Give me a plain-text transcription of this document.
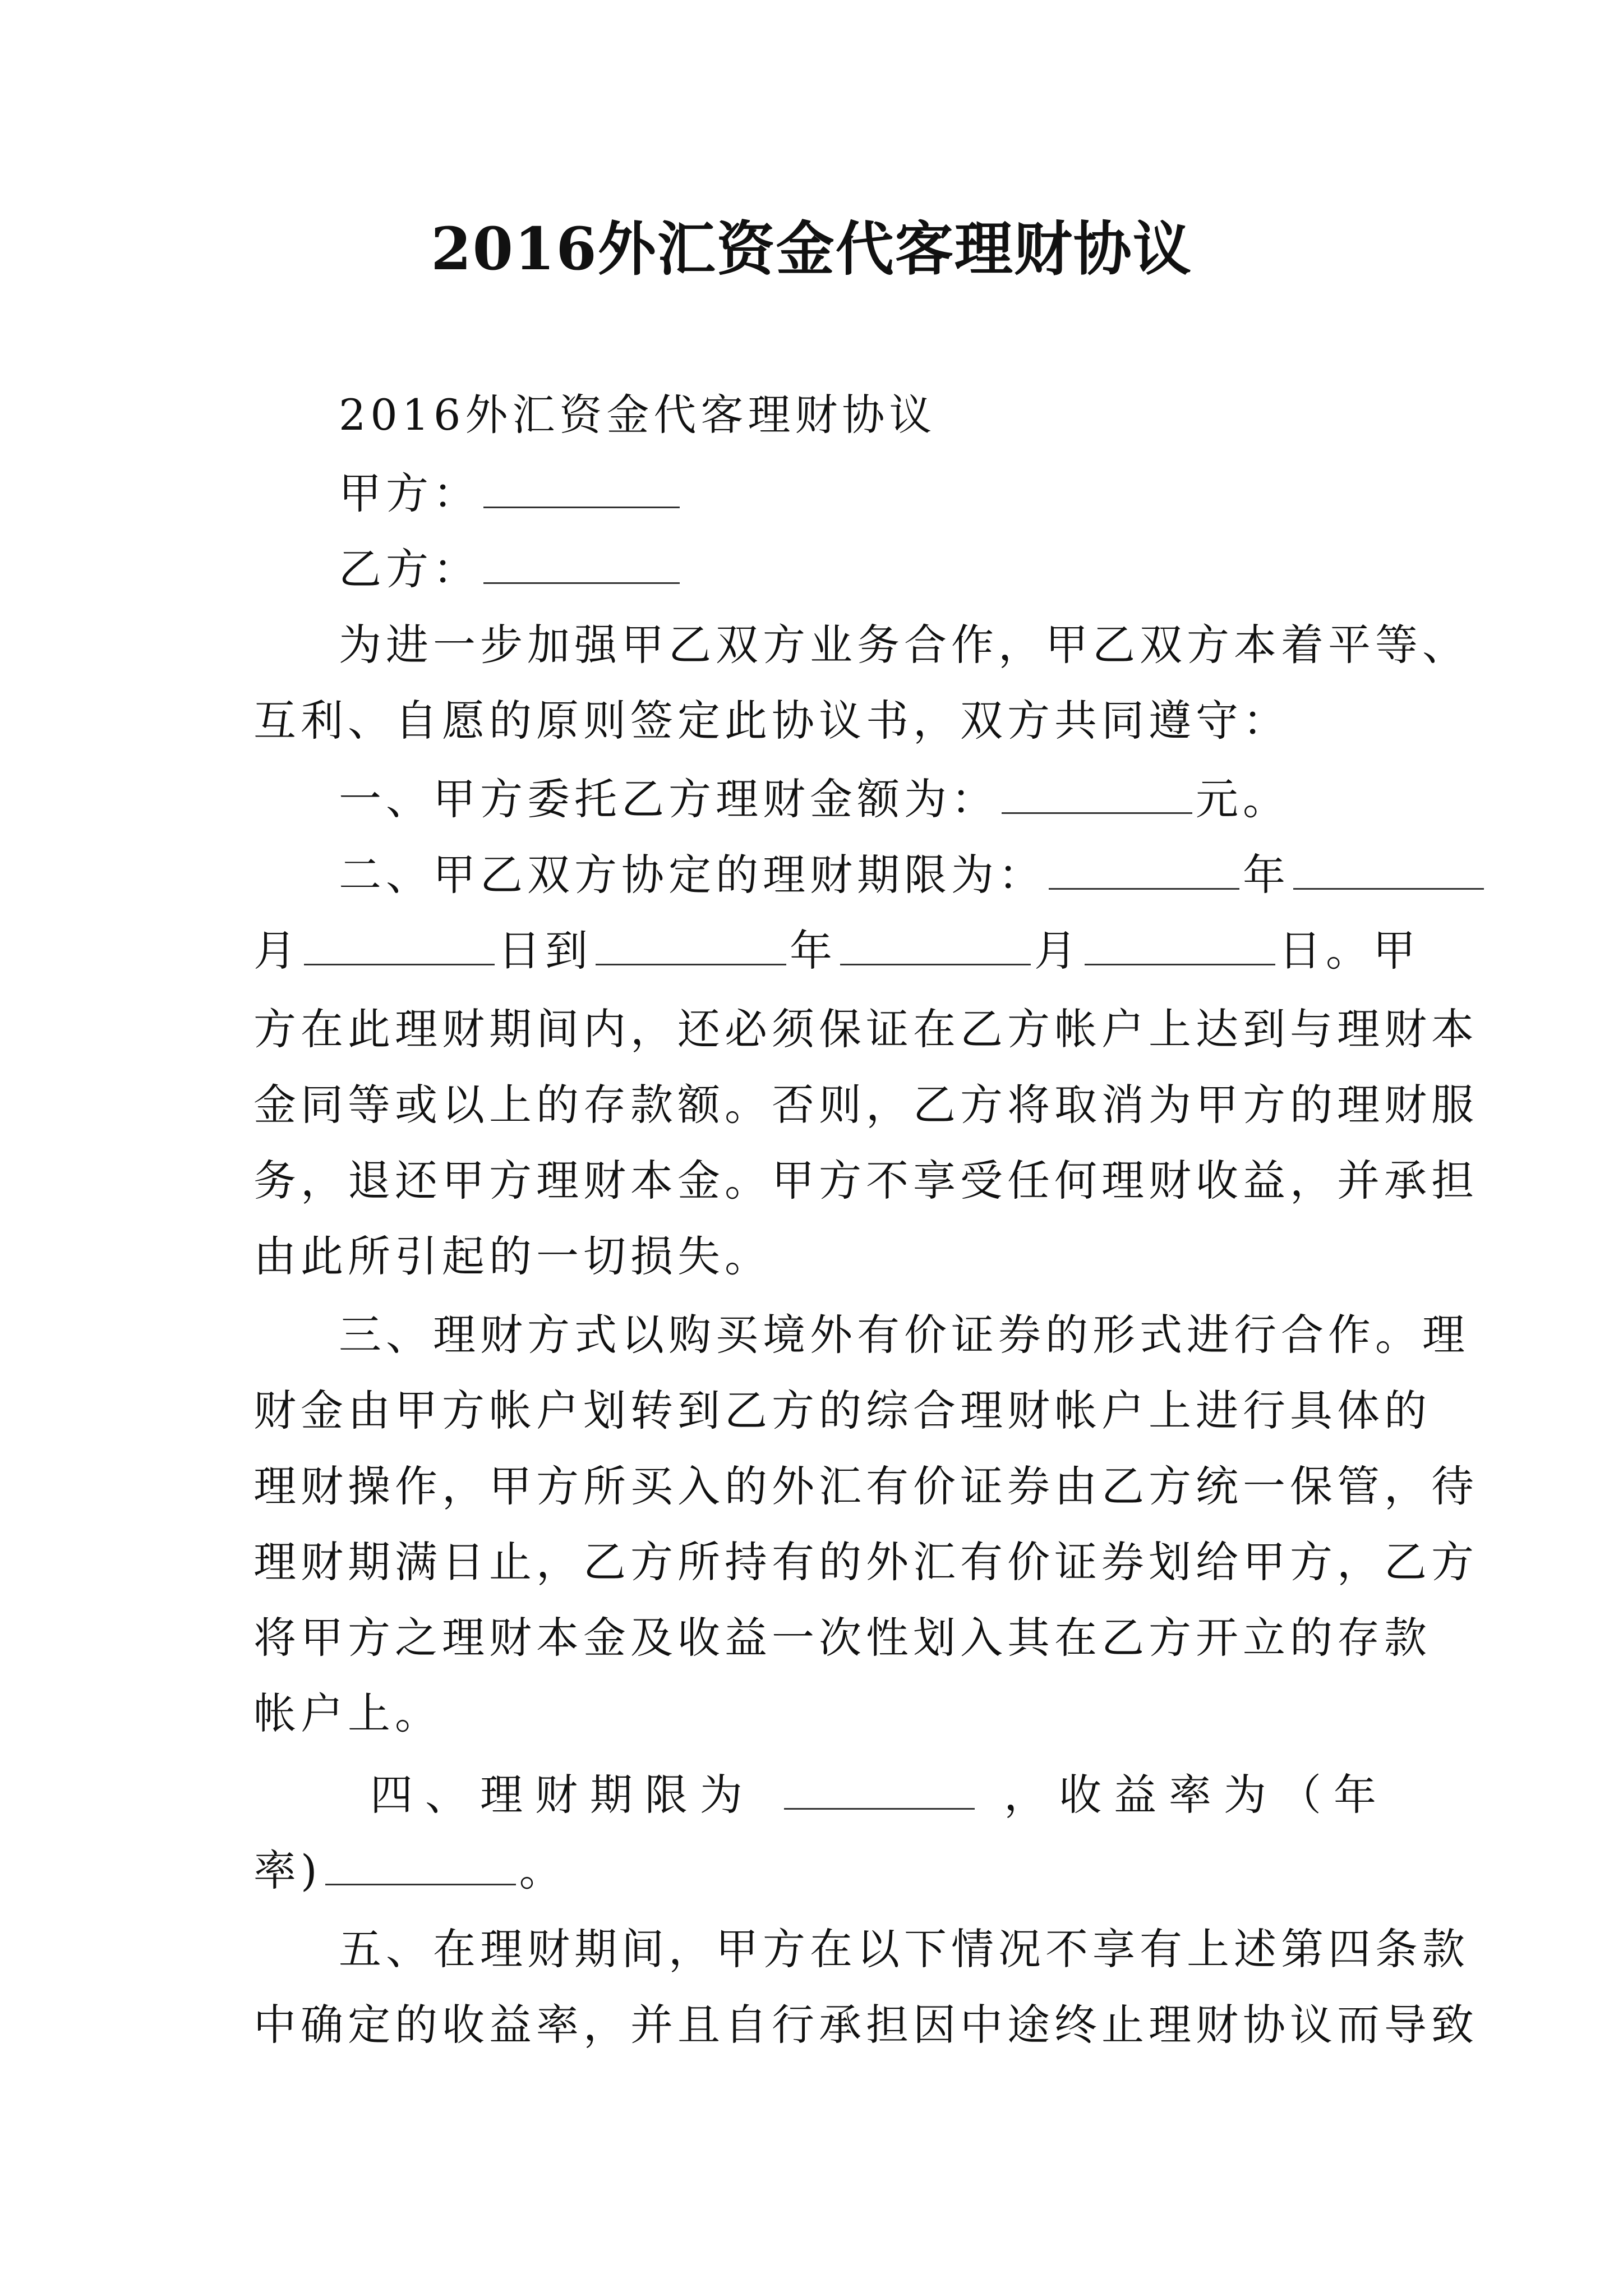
2016外汇资金代客理财协议
2016外汇资金代客理财协议
甲方：
乙方：
为进一步加强甲乙双方业务合作，甲乙双方本着平等、
互利、自愿的原则签定此协议书，双方共同遵守：
一、甲方委托乙方理财金额为：	元。
二、甲乙双方协定的理财期限为：	年
月	日到	年	月	日。甲
方在此理财期间内，还必须保证在乙方帐户上达到与理财本
金同等或以上的存款额。否则，乙方将取消为甲方的理财服
务，退还甲方理财本金。甲方不享受任何理财收益，并承担
由此所引起的一切损失。
三、理财方式以购买境外有价证券的形式进行合作。理
财金由甲方帐户划转到乙方的综合理财帐户上进行具体的
理财操作，甲方所买入的外汇有价证券由乙方统一保管，待
理财期满日止，乙方所持有的外汇有价证券划给甲方，乙方
将甲方之理财本金及收益一次性划入其在乙方开立的存款
帐户上。
四、理财期限为	，收益率为（年
率)	。
五、在理财期间，甲方在以下情况不享有上述第四条款
中确定的收益率，并且自行承担因中途终止理财协议而导致
